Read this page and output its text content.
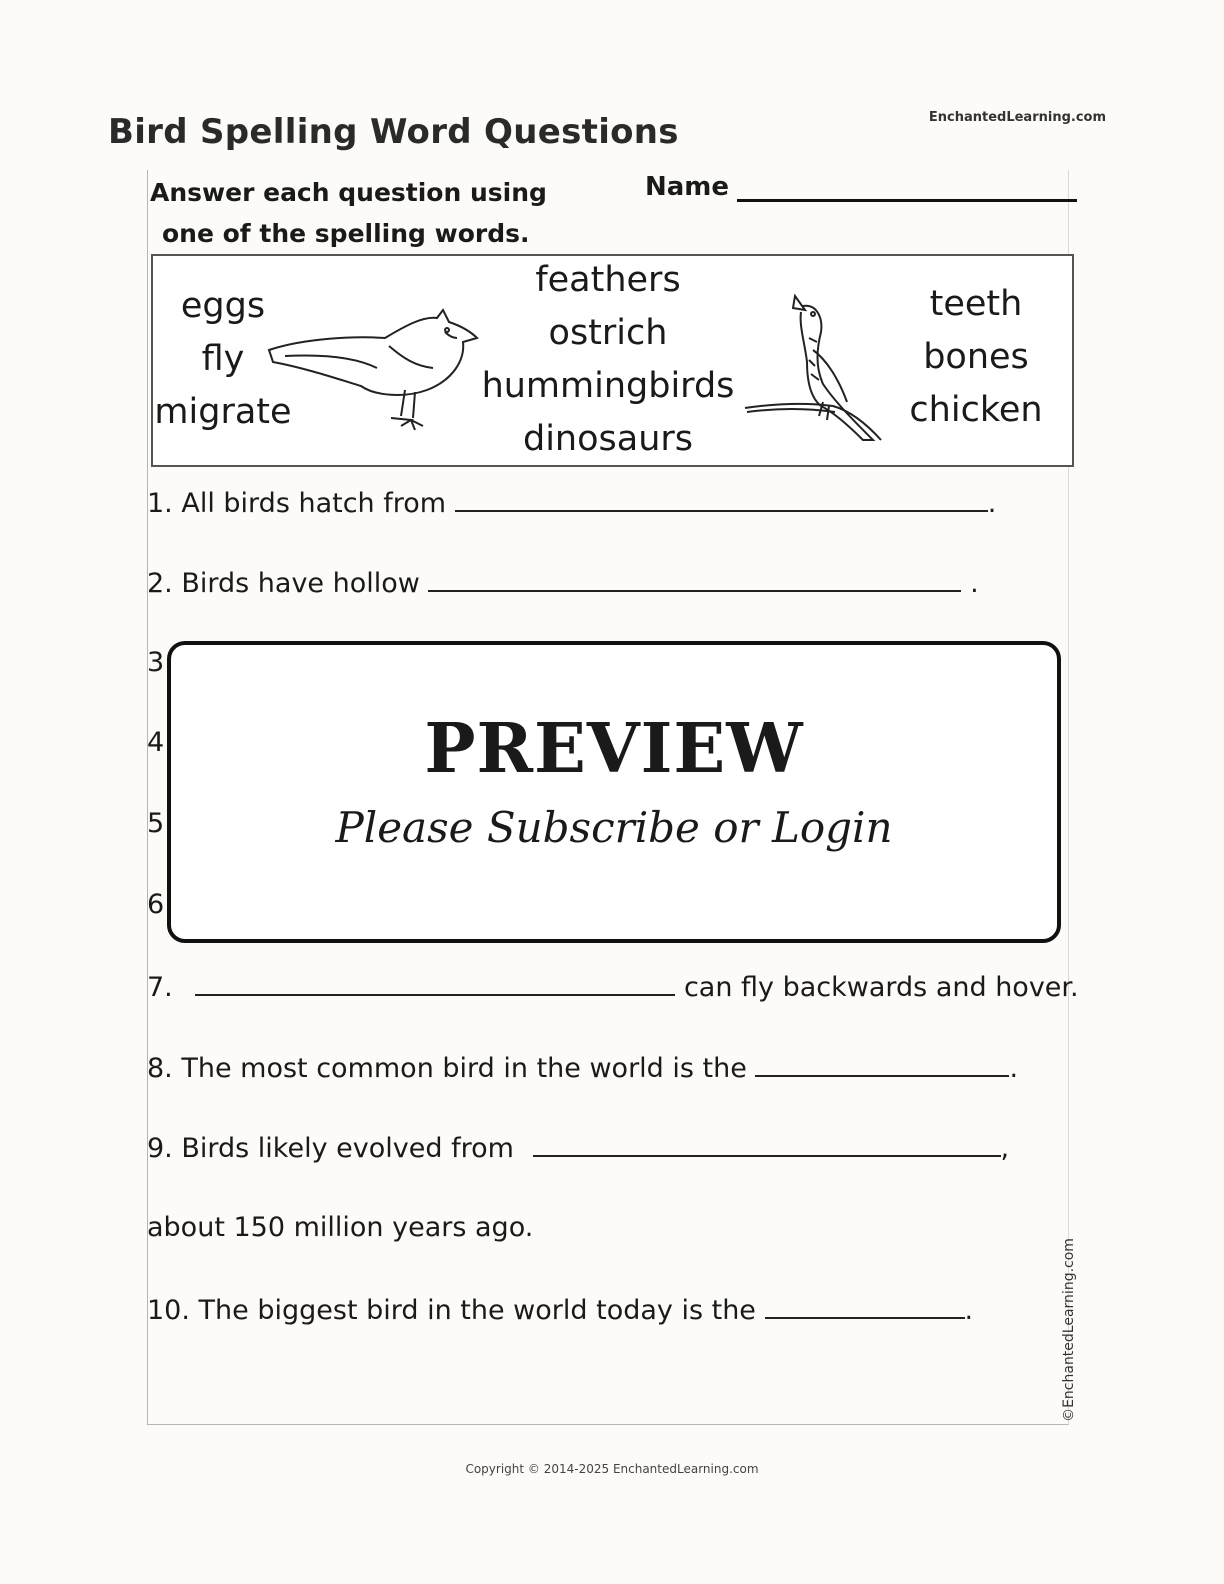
Bird Spelling Word Questions	EnchantedLearning.com
Answer each question using
one of the spelling words.
Name
eggs
fly
migrate
feathers
ostrich
hummingbirds
dinosaurs
teeth
bones
chicken
1. All birds hatch from	.
2. Birds have hollow	.
3
4
5
6
7.	can fly backwards and hover.
8. The most common bird in the world is the	.
9. Birds likely evolved from	,
about 150 million years ago.
10. The biggest bird in the world today is the	.
PREVIEW
Please Subscribe or Login
©EnchantedLearning.com
Copyright © 2014-2025 EnchantedLearning.com
